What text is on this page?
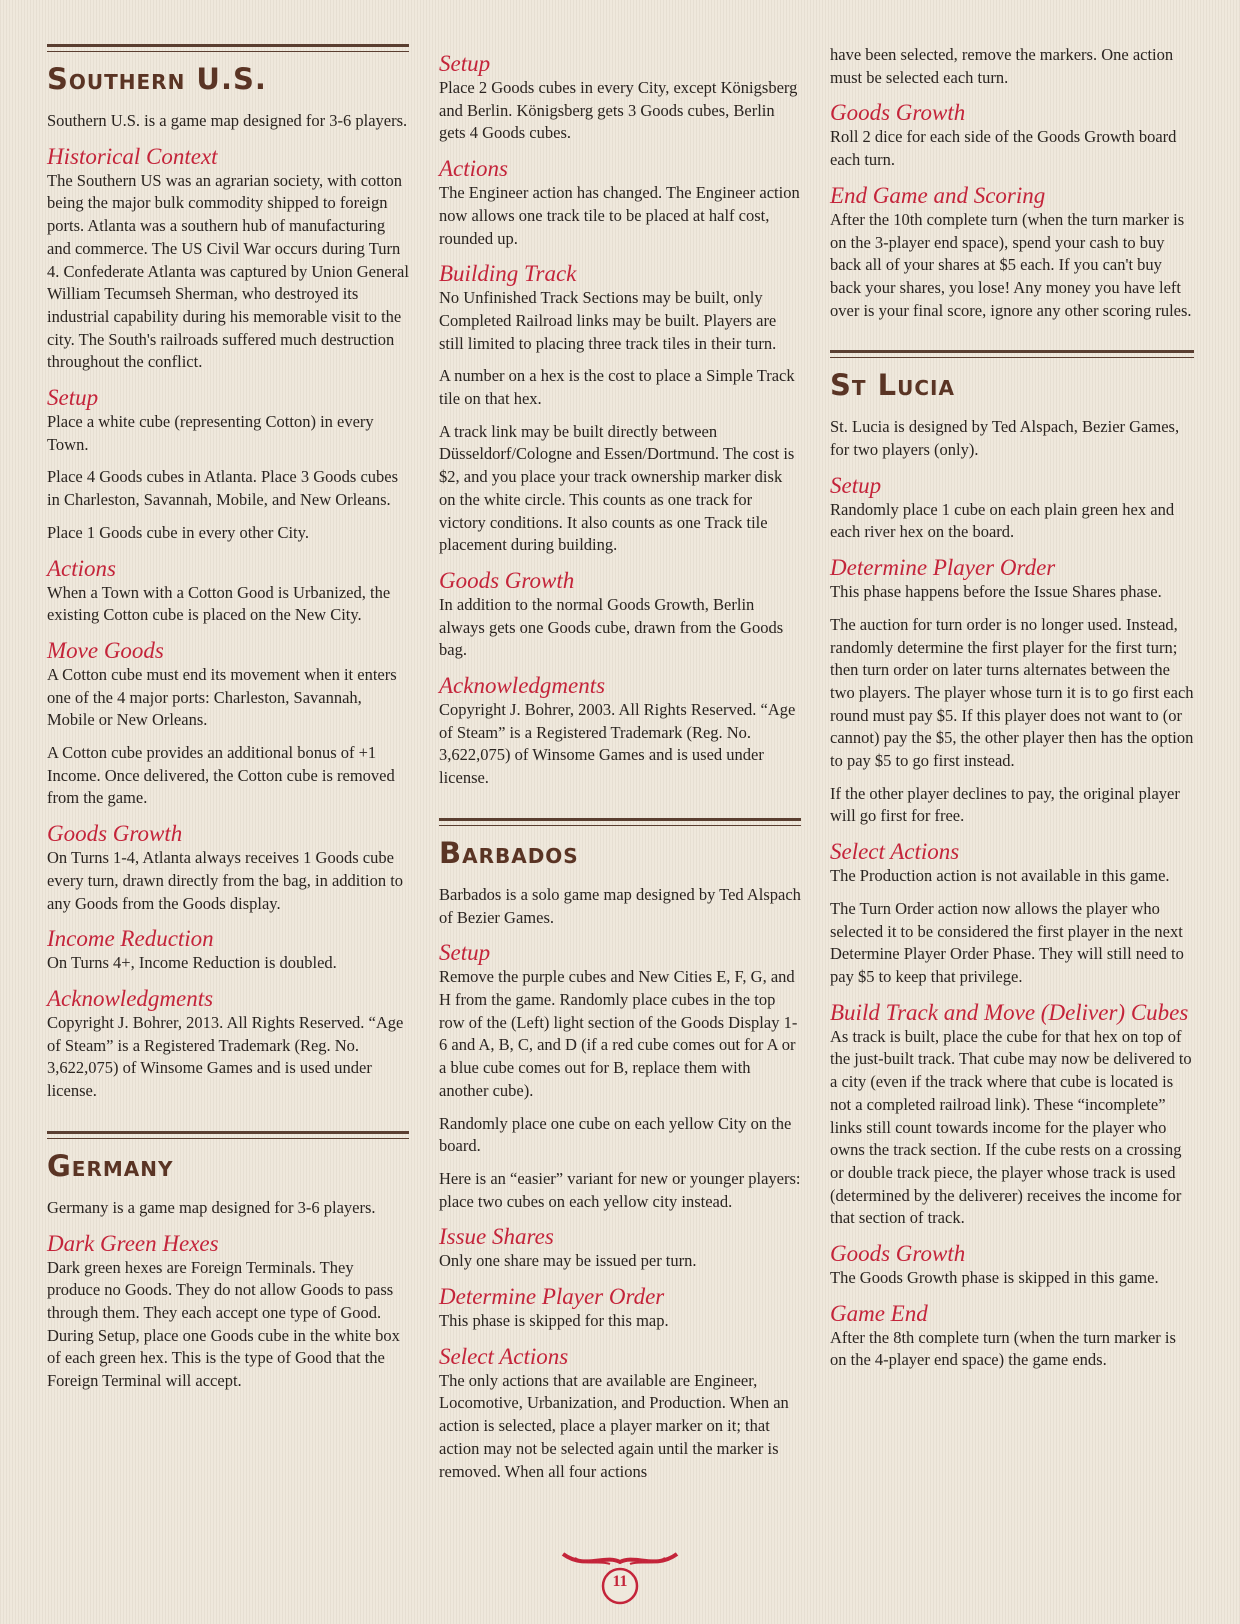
Southern U.S.
Southern U.S. is a game map designed for 3-6 players.
Historical Context
The Southern US was an agrarian society, with cotton being the major bulk commodity shipped to foreign ports. Atlanta was a southern hub of manufacturing and commerce. The US Civil War occurs during Turn 4. Confederate Atlanta was captured by Union General William Tecumseh Sherman, who destroyed its industrial capability during his memorable visit to the city. The South's railroads suffered much destruction throughout the conflict.
Setup
Place a white cube (representing Cotton) in every Town.
Place 4 Goods cubes in Atlanta. Place 3 Goods cubes in Charleston, Savannah, Mobile, and New Orleans.
Place 1 Goods cube in every other City.
Actions
When a Town with a Cotton Good is Urbanized, the existing Cotton cube is placed on the New City.
Move Goods
A Cotton cube must end its movement when it enters one of the 4 major ports: Charleston, Savannah, Mobile or New Orleans.
A Cotton cube provides an additional bonus of +1 Income. Once delivered, the Cotton cube is removed from the game.
Goods Growth
On Turns 1-4, Atlanta always receives 1 Goods cube every turn, drawn directly from the bag, in addition to any Goods from the Goods display.
Income Reduction
On Turns 4+, Income Reduction is doubled.
Acknowledgments
Copyright J. Bohrer, 2013. All Rights Reserved. “Age of Steam” is a Registered Trademark (Reg. No. 3,622,075) of Winsome Games and is used under license.
Germany
Germany is a game map designed for 3-6 players.
Dark Green Hexes
Dark green hexes are Foreign Terminals. They produce no Goods. They do not allow Goods to pass through them. They each accept one type of Good. During Setup, place one Goods cube in the white box of each green hex. This is the type of Good that the Foreign Terminal will accept.
Setup
Place 2 Goods cubes in every City, except Königsberg and Berlin. Königsberg gets 3 Goods cubes, Berlin gets 4 Goods cubes.
Actions
The Engineer action has changed. The Engineer action now allows one track tile to be placed at half cost, rounded up.
Building Track
No Unfinished Track Sections may be built, only Completed Railroad links may be built. Players are still limited to placing three track tiles in their turn.
A number on a hex is the cost to place a Simple Track tile on that hex.
A track link may be built directly between Düsseldorf/Cologne and Essen/Dortmund. The cost is $2, and you place your track ownership marker disk on the white circle. This counts as one track for victory conditions. It also counts as one Track tile placement during building.
Goods Growth
In addition to the normal Goods Growth, Berlin always gets one Goods cube, drawn from the Goods bag.
Acknowledgments
Copyright J. Bohrer, 2003. All Rights Reserved. “Age of Steam” is a Registered Trademark (Reg. No. 3,622,075) of Winsome Games and is used under license.
Barbados
Barbados is a solo game map designed by Ted Alspach of Bezier Games.
Setup
Remove the purple cubes and New Cities E, F, G, and H from the game. Randomly place cubes in the top row of the (Left) light section of the Goods Display 1-6 and A, B, C, and D (if a red cube comes out for A or a blue cube comes out for B, replace them with another cube).
Randomly place one cube on each yellow City on the board.
Here is an “easier” variant for new or younger players: place two cubes on each yellow city instead.
Issue Shares
Only one share may be issued per turn.
Determine Player Order
This phase is skipped for this map.
Select Actions
The only actions that are available are Engineer, Locomotive, Urbanization, and Production. When an action is selected, place a player marker on it; that action may not be selected again until the marker is removed. When all four actions
have been selected, remove the markers. One action must be selected each turn.
Goods Growth
Roll 2 dice for each side of the Goods Growth board each turn.
End Game and Scoring
After the 10th complete turn (when the turn marker is on the 3-player end space), spend your cash to buy back all of your shares at $5 each. If you can't buy back your shares, you lose! Any money you have left over is your final score, ignore any other scoring rules.
St Lucia
St. Lucia is designed by Ted Alspach, Bezier Games, for two players (only).
Setup
Randomly place 1 cube on each plain green hex and each river hex on the board.
Determine Player Order
This phase happens before the Issue Shares phase.
The auction for turn order is no longer used. Instead, randomly determine the first player for the first turn; then turn order on later turns alternates between the two players. The player whose turn it is to go first each round must pay $5. If this player does not want to (or cannot) pay the $5, the other player then has the option to pay $5 to go first instead.
If the other player declines to pay, the original player will go first for free.
Select Actions
The Production action is not available in this game.
The Turn Order action now allows the player who selected it to be considered the first player in the next Determine Player Order Phase. They will still need to pay $5 to keep that privilege.
Build Track and Move (Deliver) Cubes
As track is built, place the cube for that hex on top of the just-built track. That cube may now be delivered to a city (even if the track where that cube is located is not a completed railroad link). These “incomplete” links still count towards income for the player who owns the track section. If the cube rests on a crossing or double track piece, the player whose track is used (determined by the deliverer) receives the income for that section of track.
Goods Growth
The Goods Growth phase is skipped in this game.
Game End
After the 8th complete turn (when the turn marker is on the 4-player end space) the game ends.
11
